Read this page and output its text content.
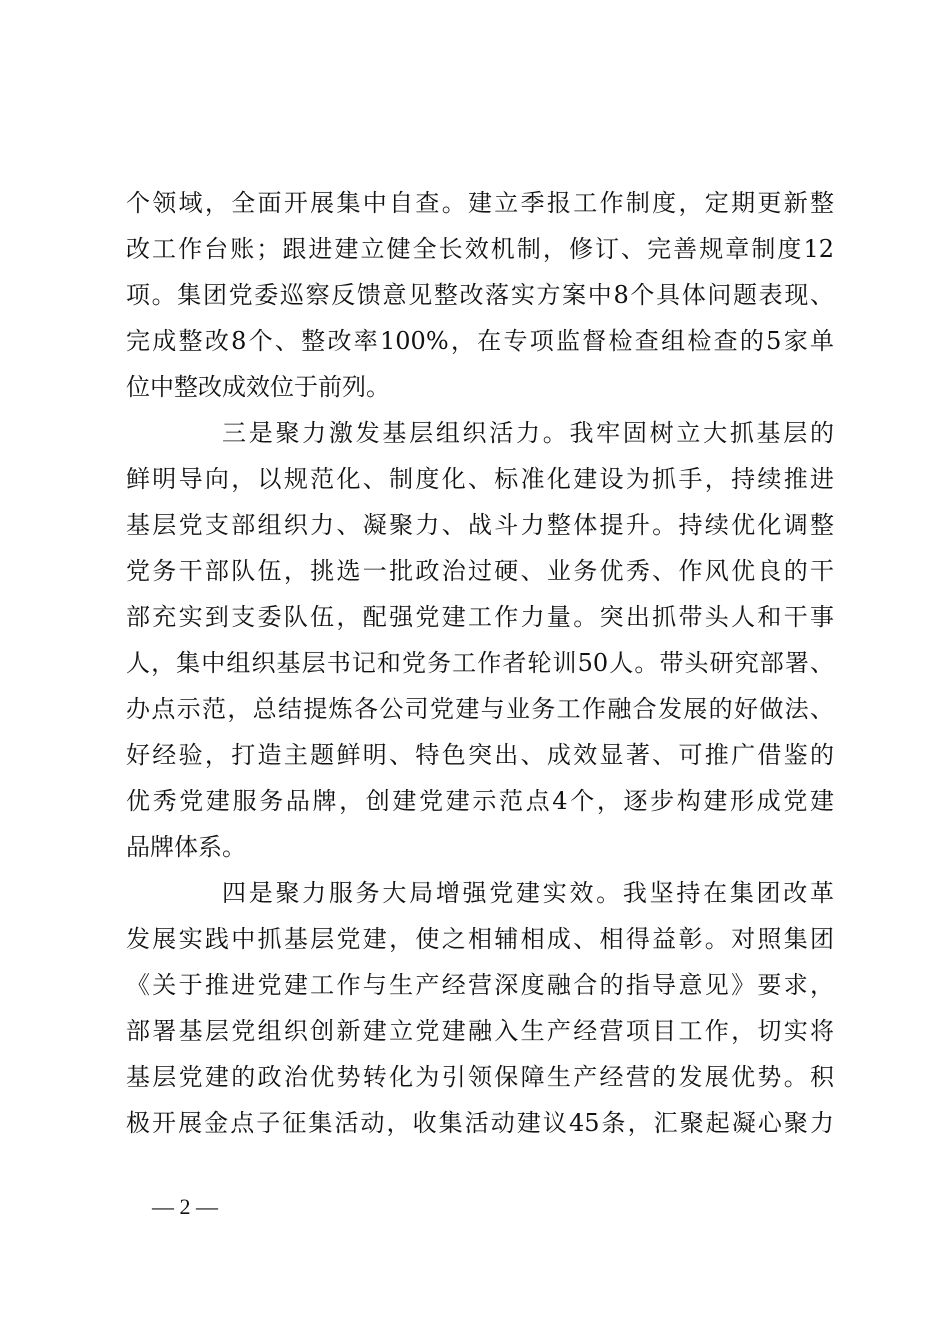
个领域，全面开展集中自查。建立季报工作制度，定期更新整
改工作台账；跟进建立健全长效机制，修订、完善规章制度12
项。集团党委巡察反馈意见整改落实方案中8个具体问题表现、
完成整改8个、整改率100%，在专项监督检查组检查的5家单
位中整改成效位于前列。
三是聚力激发基层组织活力。我牢固树立大抓基层的
鲜明导向，以规范化、制度化、标准化建设为抓手，持续推进
基层党支部组织力、凝聚力、战斗力整体提升。持续优化调整
党务干部队伍，挑选一批政治过硬、业务优秀、作风优良的干
部充实到支委队伍，配强党建工作力量。突出抓带头人和干事
人，集中组织基层书记和党务工作者轮训50人。带头研究部署、
办点示范，总结提炼各公司党建与业务工作融合发展的好做法、
好经验，打造主题鲜明、特色突出、成效显著、可推广借鉴的
优秀党建服务品牌，创建党建示范点4个，逐步构建形成党建
品牌体系。
四是聚力服务大局增强党建实效。我坚持在集团改革
发展实践中抓基层党建，使之相辅相成、相得益彰。对照集团
《关于推进党建工作与生产经营深度融合的指导意见》要求，
部署基层党组织创新建立党建融入生产经营项目工作，切实将
基层党建的政治优势转化为引领保障生产经营的发展优势。积
极开展金点子征集活动，收集活动建议45条，汇聚起凝心聚力
— 2 —
